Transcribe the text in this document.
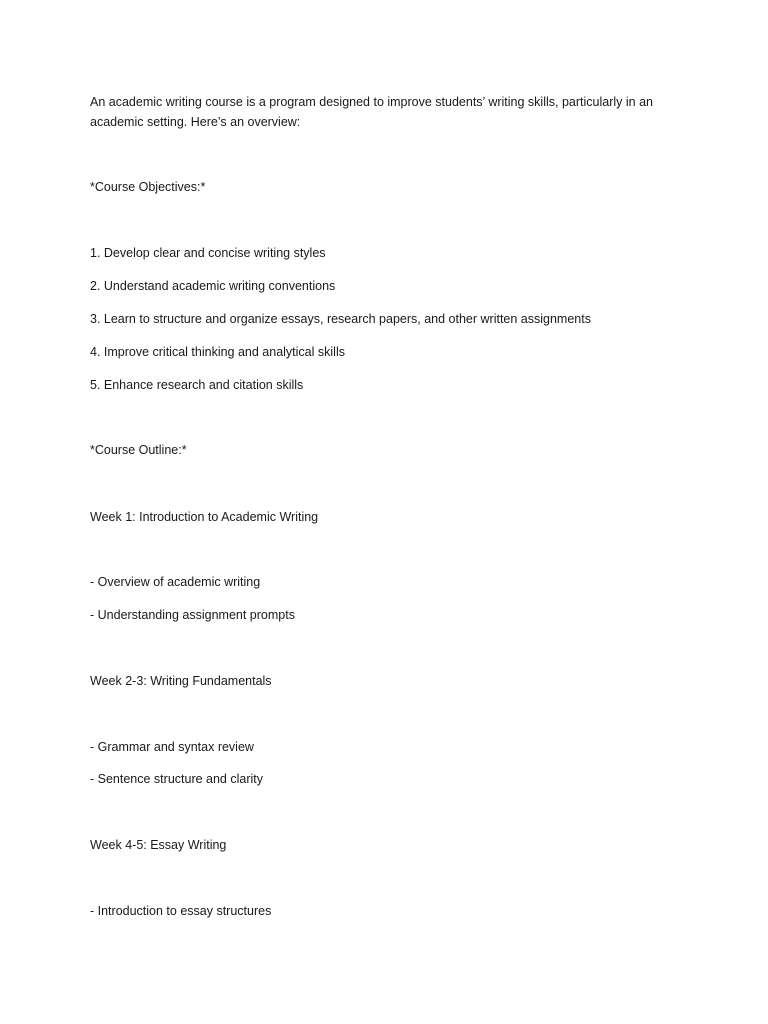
An academic writing course is a program designed to improve students’ writing skills, particularly in an academic setting. Here’s an overview:

*Course Objectives:*

1. Develop clear and concise writing styles

2. Understand academic writing conventions

3. Learn to structure and organize essays, research papers, and other written assignments

4. Improve critical thinking and analytical skills

5. Enhance research and citation skills

*Course Outline:*

Week 1: Introduction to Academic Writing

- Overview of academic writing

- Understanding assignment prompts

Week 2-3: Writing Fundamentals

- Grammar and syntax review

- Sentence structure and clarity

Week 4-5: Essay Writing

- Introduction to essay structures
